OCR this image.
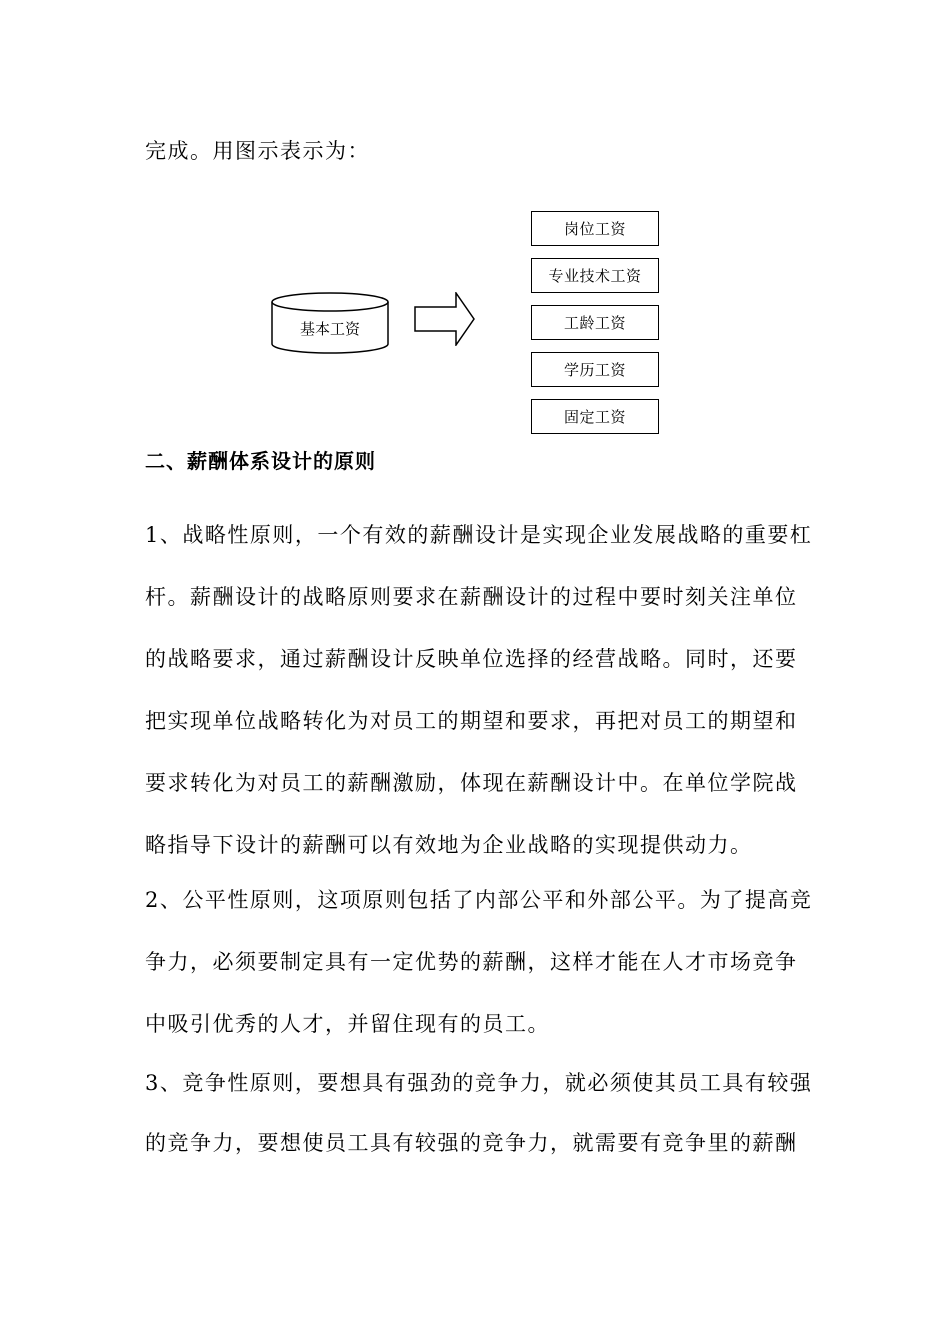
完成。用图示表示为：
基本工资
岗位工资
专业技术工资
工龄工资
学历工资
固定工资
二、薪酬体系设计的原则
1、战略性原则，一个有效的薪酬设计是实现企业发展战略的重要杠
杆。薪酬设计的战略原则要求在薪酬设计的过程中要时刻关注单位
的战略要求，通过薪酬设计反映单位选择的经营战略。同时，还要
把实现单位战略转化为对员工的期望和要求，再把对员工的期望和
要求转化为对员工的薪酬激励，体现在薪酬设计中。在单位学院战
略指导下设计的薪酬可以有效地为企业战略的实现提供动力。
2、公平性原则，这项原则包括了内部公平和外部公平。为了提高竞
争力，必须要制定具有一定优势的薪酬，这样才能在人才市场竞争
中吸引优秀的人才，并留住现有的员工。
3、竞争性原则，要想具有强劲的竞争力，就必须使其员工具有较强
的竞争力，要想使员工具有较强的竞争力，就需要有竞争里的薪酬
